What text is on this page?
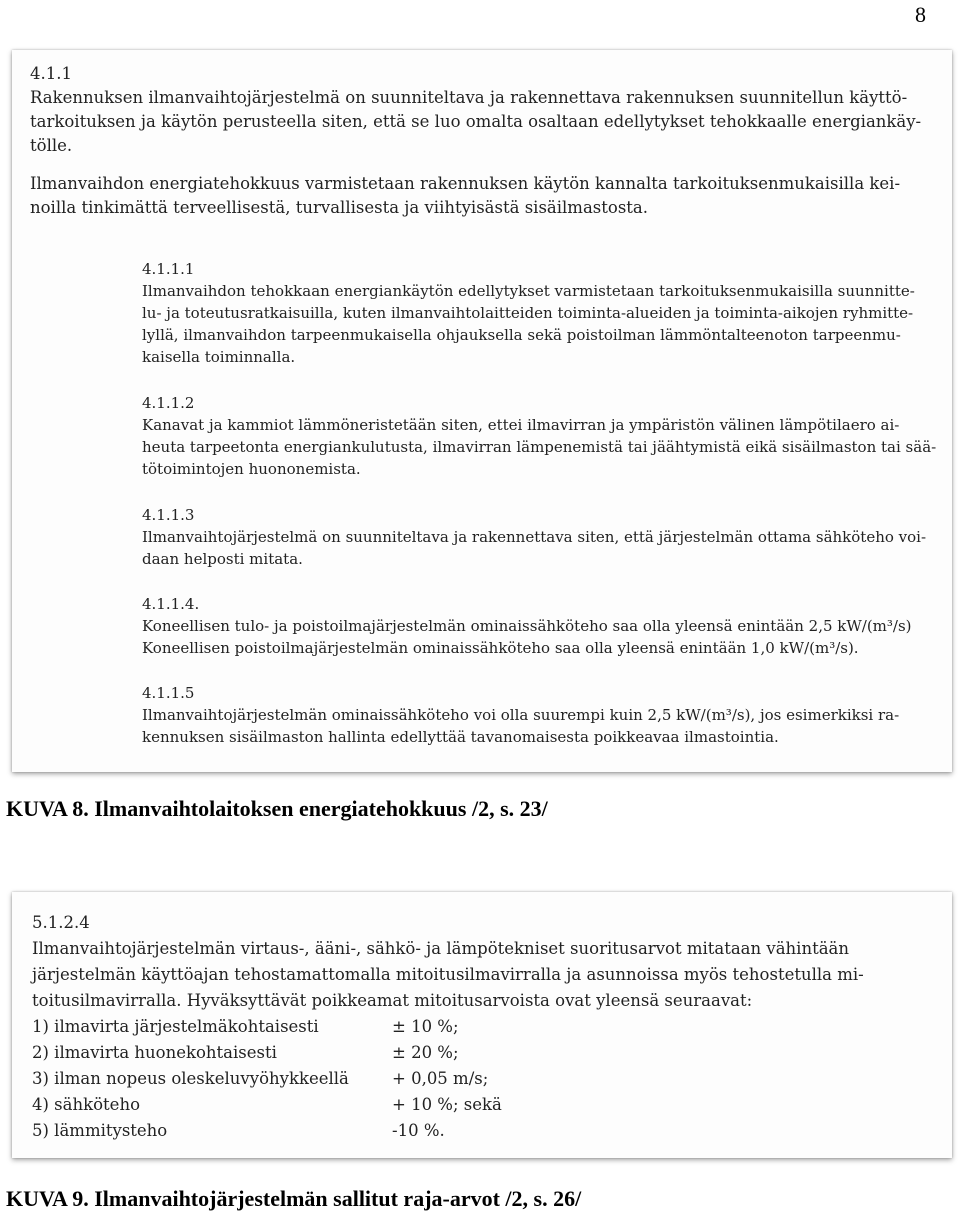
8
4.1.1
Rakennuksen ilmanvaihtojärjestelmä on suunniteltava ja rakennettava rakennuksen suunnitellun käyttö-
tarkoituksen ja käytön perusteella siten, että se luo omalta osaltaan edellytykset tehokkaalle energiankäy-
tölle.
Ilmanvaihdon energiatehokkuus varmistetaan rakennuksen käytön kannalta tarkoituksenmukaisilla kei-
noilla tinkimättä terveellisestä, turvallisesta ja viihtyisästä sisäilmastosta.
4.1.1.1
Ilmanvaihdon tehokkaan energiankäytön edellytykset varmistetaan tarkoituksenmukaisilla suunnitte-
lu- ja toteutusratkaisuilla, kuten ilmanvaihtolaitteiden toiminta-alueiden ja toiminta-aikojen ryhmitte-
lyllä, ilmanvaihdon tarpeenmukaisella ohjauksella sekä poistoilman lämmöntalteenoton tarpeenmu-
kaisella toiminnalla.
4.1.1.2
Kanavat ja kammiot lämmöneristetään siten, ettei ilmavirran ja ympäristön välinen lämpötilaero ai-
heuta tarpeetonta energiankulutusta, ilmavirran lämpenemistä tai jäähtymistä eikä sisäilmaston tai sää-
tötoimintojen huononemista.
4.1.1.3
Ilmanvaihtojärjestelmä on suunniteltava ja rakennettava siten, että järjestelmän ottama sähköteho voi-
daan helposti mitata.
4.1.1.4.
Koneellisen tulo- ja poistoilmajärjestelmän ominaissähköteho saa olla yleensä enintään 2,5 kW/(m³/s)
Koneellisen poistoilmajärjestelmän ominaissähköteho saa olla yleensä enintään 1,0 kW/(m³/s).
4.1.1.5
Ilmanvaihtojärjestelmän ominaissähköteho voi olla suurempi kuin 2,5 kW/(m³/s), jos esimerkiksi ra-
kennuksen sisäilmaston hallinta edellyttää tavanomaisesta poikkeavaa ilmastointia.
KUVA 8. Ilmanvaihtolaitoksen energiatehokkuus /2, s. 23/
5.1.2.4
Ilmanvaihtojärjestelmän virtaus-, ääni-, sähkö- ja lämpötekniset suoritusarvot mitataan vähintään
järjestelmän käyttöajan tehostamattomalla mitoitusilmavirralla ja asunnoissa myös tehostetulla mi-
toitusilmavirralla. Hyväksyttävät poikkeamat mitoitusarvoista ovat yleensä seuraavat:
1) ilmavirta järjestelmäkohtaisesti	± 10 %;
2) ilmavirta huonekohtaisesti	± 20 %;
3) ilman nopeus oleskeluvyöhykkeellä	+ 0,05 m/s;
4) sähköteho	+ 10 %; sekä
5) lämmitysteho	-10 %.
KUVA 9. Ilmanvaihtojärjestelmän sallitut raja-arvot /2, s. 26/
